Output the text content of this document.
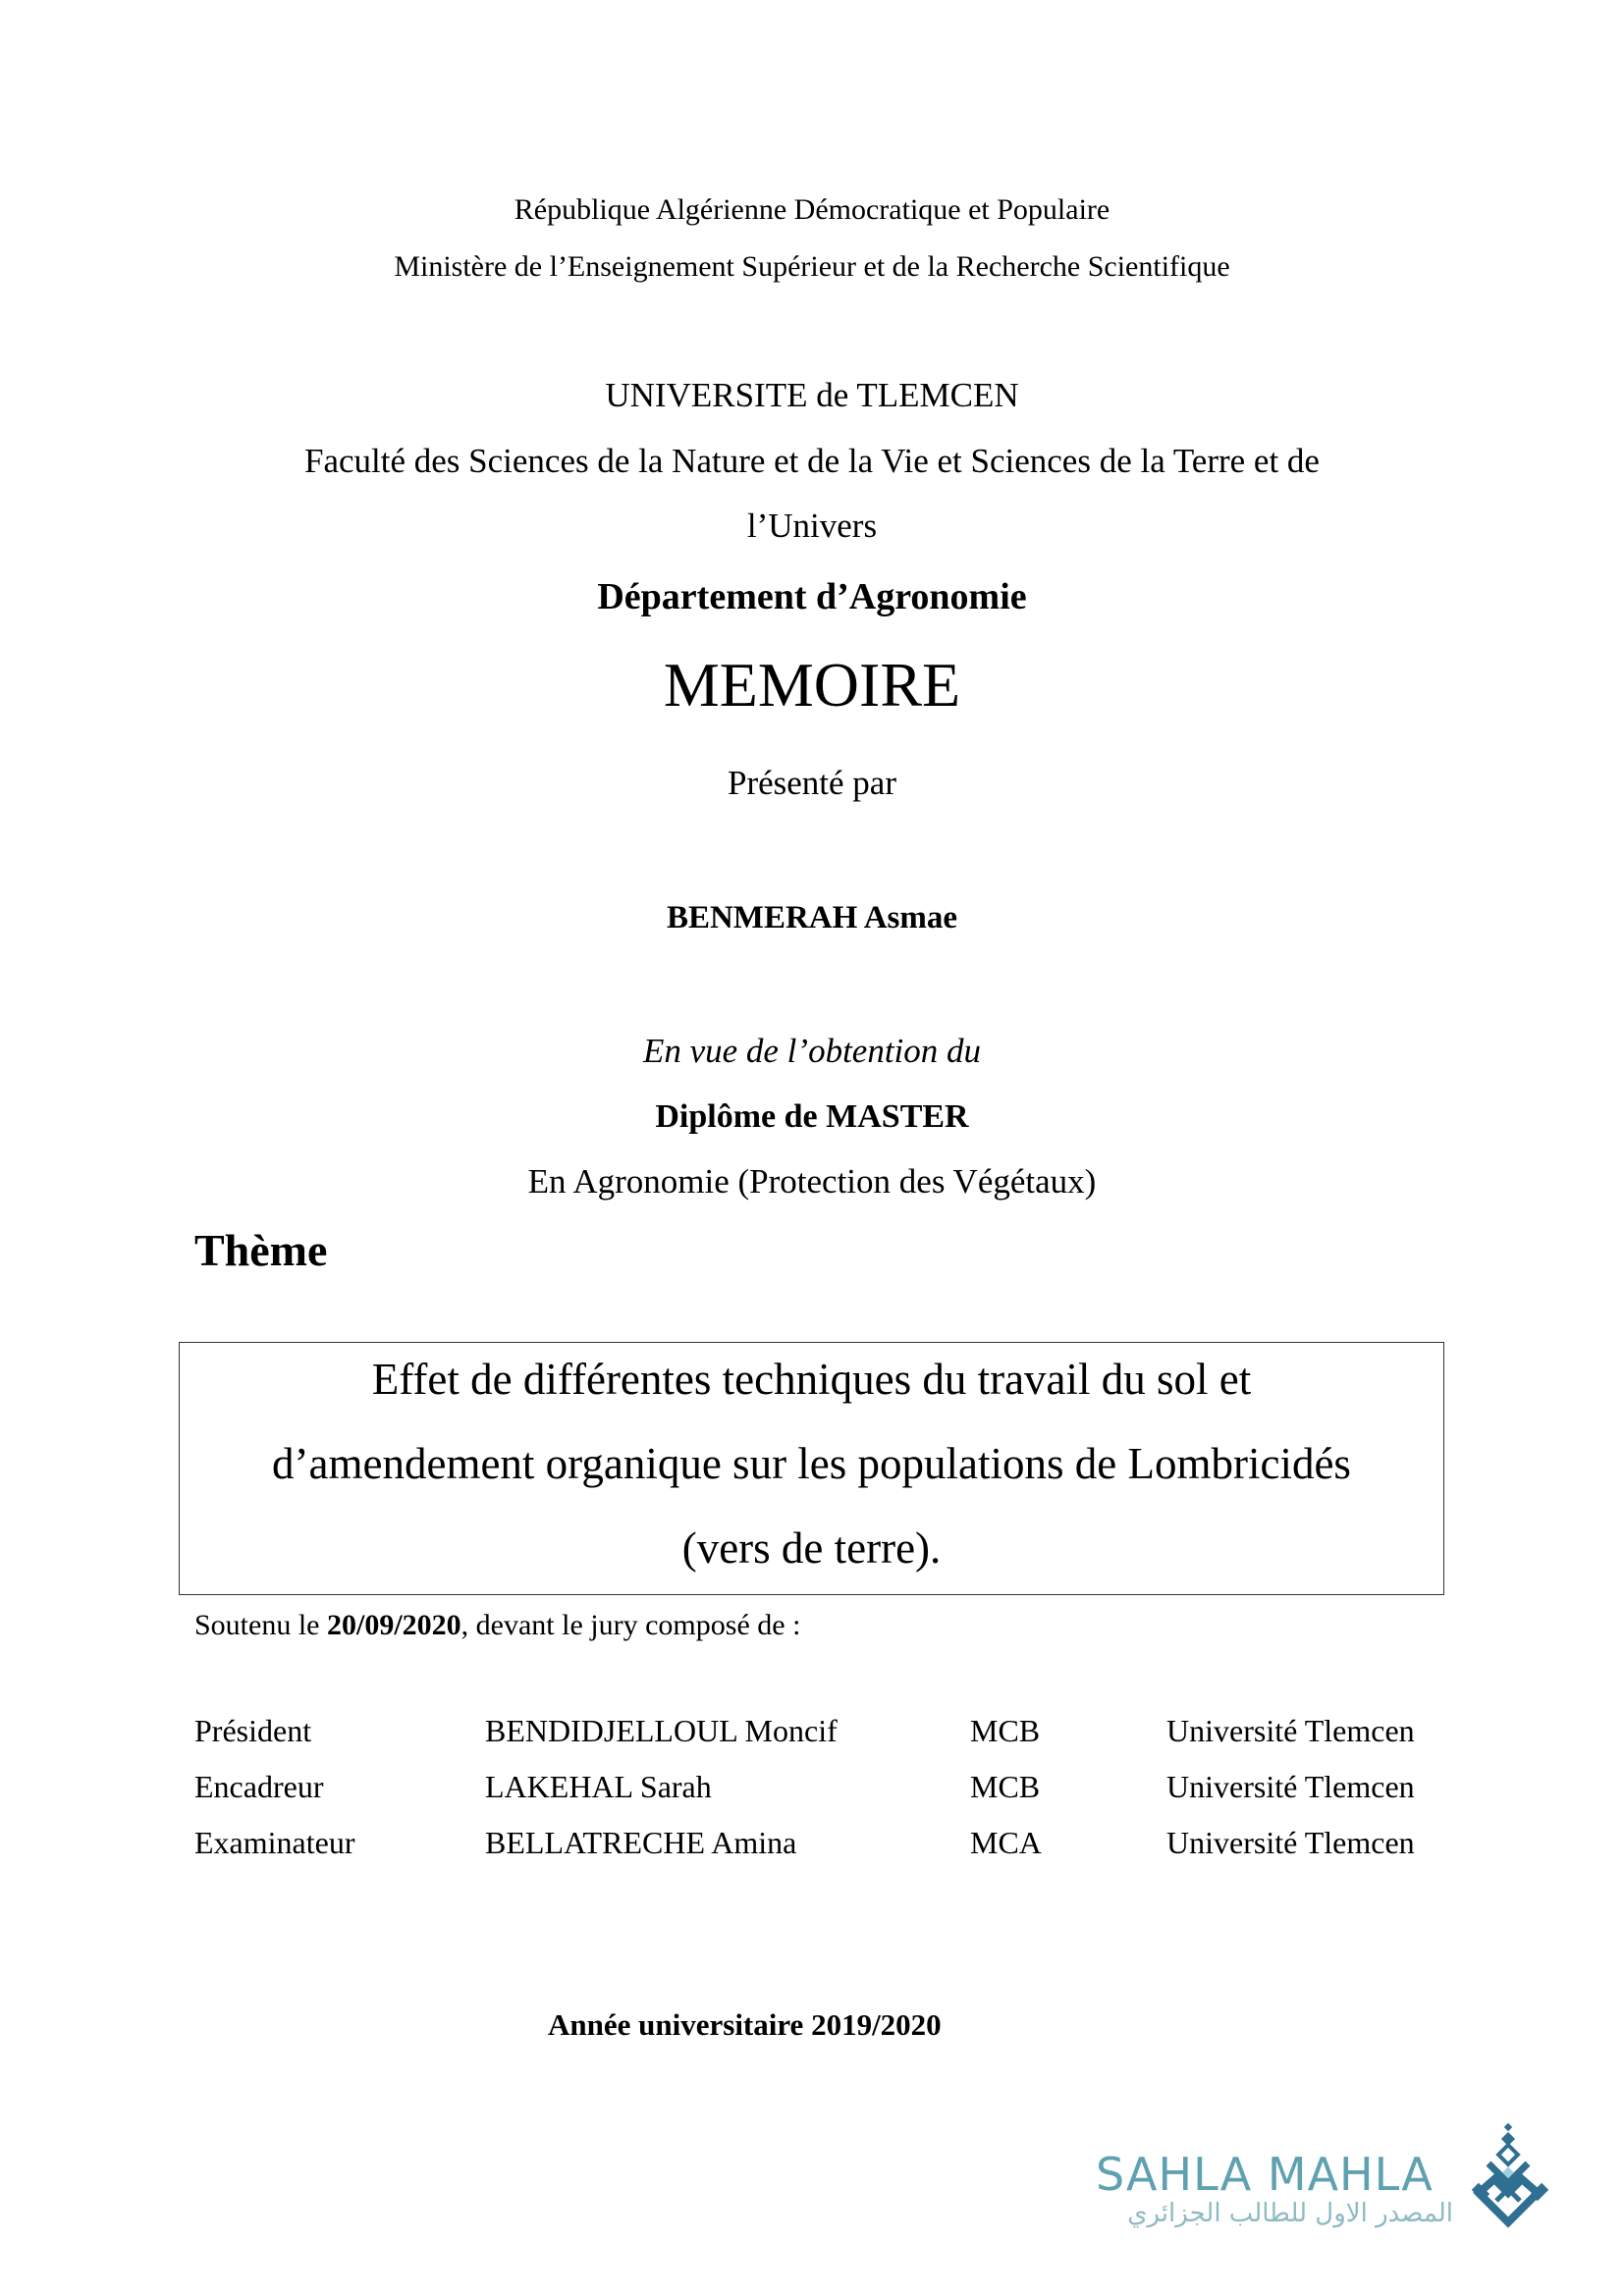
République Algérienne Démocratique et Populaire
Ministère de l’Enseignement Supérieur et de la Recherche Scientifique
UNIVERSITE de TLEMCEN
Faculté des Sciences de la Nature et de la Vie et Sciences de la Terre et de
l’Univers
Département d’Agronomie
MEMOIRE
Présenté par
BENMERAH Asmae
En vue de l’obtention du
Diplôme de MASTER
En Agronomie (Protection des Végétaux)
Thème
Effet de différentes techniques du travail du sol et
d’amendement organique sur les populations de Lombricidés
(vers de terre).
Soutenu le 20/09/2020, devant le jury composé de :
Président	BENDIDJELLOUL Moncif	MCB	Université Tlemcen
Encadreur	LAKEHAL Sarah	MCB	Université Tlemcen
Examinateur	BELLATRECHE Amina	MCA	Université Tlemcen
Année universitaire 2019/2020
SAHLA MAHLA
المصدر الاول للطالب الجزائري
